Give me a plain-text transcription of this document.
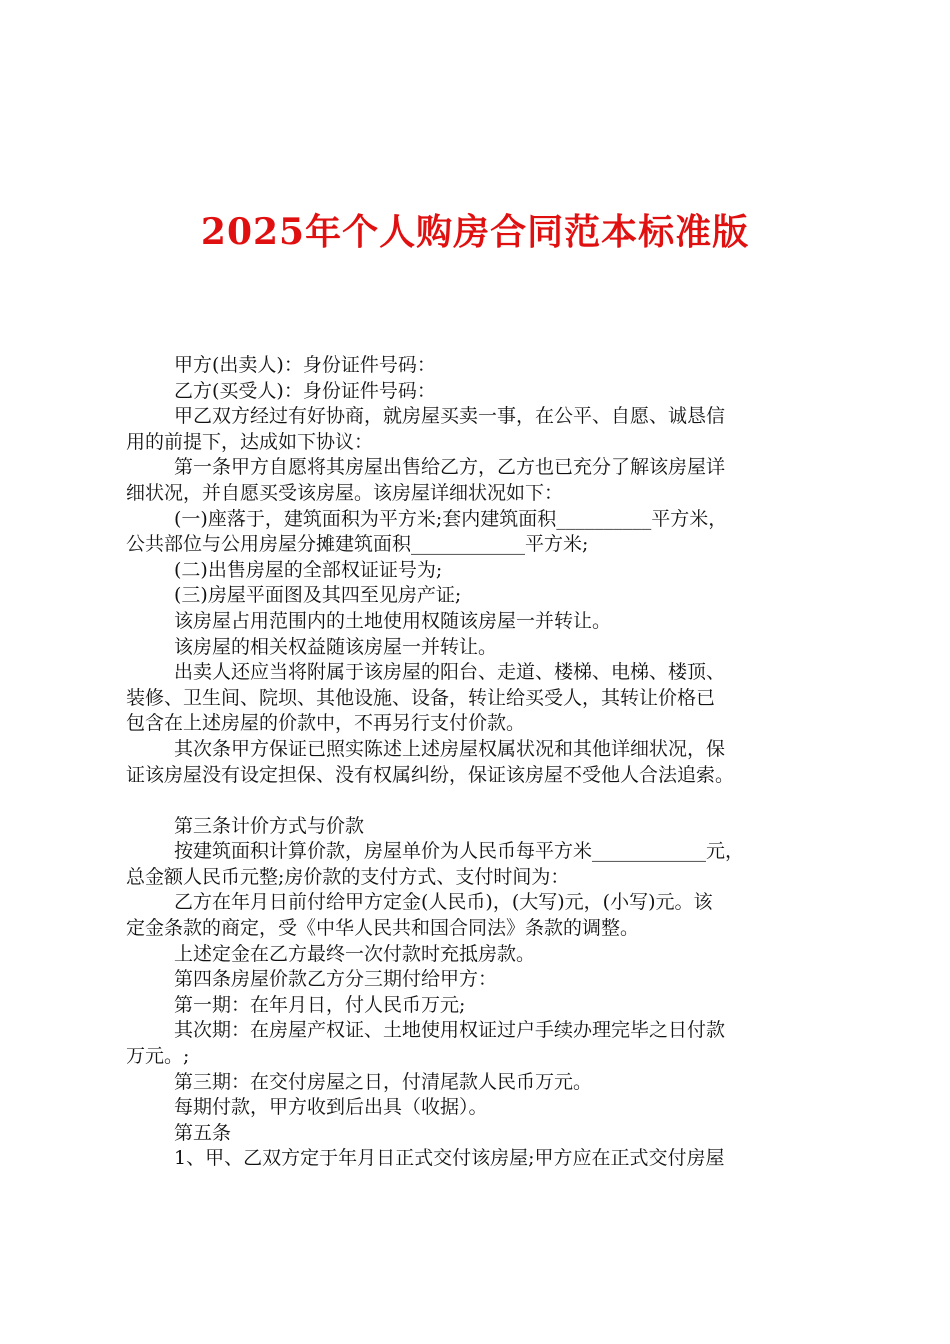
2025年个人购房合同范本标准版
甲方(出卖人)：身份证件号码：
乙方(买受人)：身份证件号码：
甲乙双方经过有好协商，就房屋买卖一事，在公平、自愿、诚恳信
用的前提下，达成如下协议：
第一条甲方自愿将其房屋出售给乙方，乙方也已充分了解该房屋详
细状况，并自愿买受该房屋。该房屋详细状况如下：
(一)座落于，建筑面积为平方米;套内建筑面积__________平方米，
公共部位与公用房屋分摊建筑面积____________平方米;
(二)出售房屋的全部权证证号为;
(三)房屋平面图及其四至见房产证;
该房屋占用范围内的土地使用权随该房屋一并转让。
该房屋的相关权益随该房屋一并转让。
出卖人还应当将附属于该房屋的阳台、走道、楼梯、电梯、楼顶、
装修、卫生间、院坝、其他设施、设备，转让给买受人，其转让价格已
包含在上述房屋的价款中，不再另行支付价款。
其次条甲方保证已照实陈述上述房屋权属状况和其他详细状况，保
证该房屋没有设定担保、没有权属纠纷，保证该房屋不受他人合法追索。
第三条计价方式与价款
按建筑面积计算价款，房屋单价为人民币每平方米____________元，
总金额人民币元整;房价款的支付方式、支付时间为：
乙方在年月日前付给甲方定金(人民币)，(大写)元，(小写)元。该
定金条款的商定，受《中华人民共和国合同法》条款的调整。
上述定金在乙方最终一次付款时充抵房款。
第四条房屋价款乙方分三期付给甲方：
第一期：在年月日，付人民币万元;
其次期：在房屋产权证、土地使用权证过户手续办理完毕之日付款
万元。;
第三期：在交付房屋之日，付清尾款人民币万元。
每期付款，甲方收到后出具（收据）。
第五条
1、甲、乙双方定于年月日正式交付该房屋;甲方应在正式交付房屋
